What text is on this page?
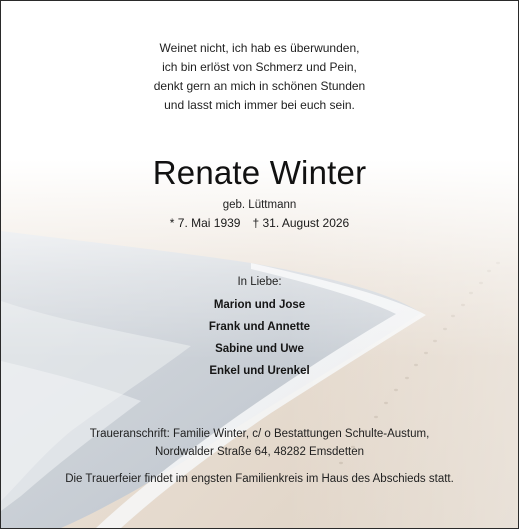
Weinet nicht, ich hab es überwunden,
ich bin erlöst von Schmerz und Pein,
denkt gern an mich in schönen Stunden
und lasst mich immer bei euch sein.
Renate Winter
geb. Lüttmann
* 7. Mai 1939 † 31. August 2026
In Liebe:
Marion und Jose
Frank und Annette
Sabine und Uwe
Enkel und Urenkel
Traueranschrift: Familie Winter, c/ o Bestattungen Schulte-Austum,
Nordwalder Straße 64, 48282 Emsdetten
Die Trauerfeier findet im engsten Familienkreis im Haus des Abschieds statt.
